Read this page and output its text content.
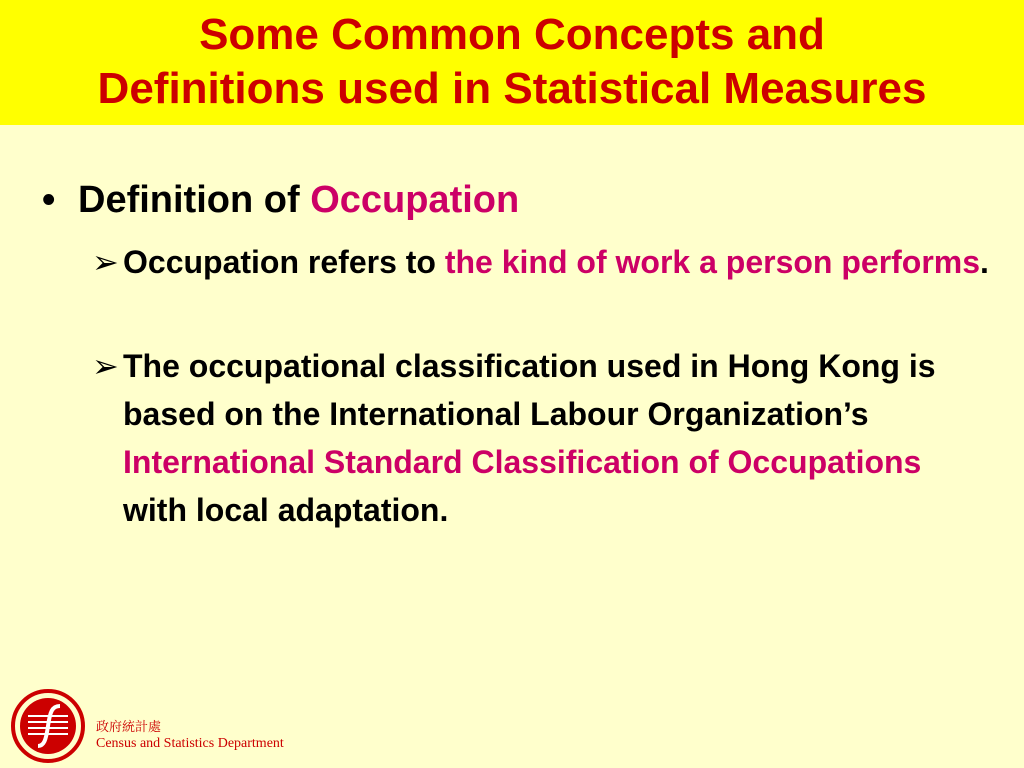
Some Common Concepts and
Definitions used in Statistical Measures
• Definition of Occupation
➢ Occupation refers to the kind of work a person performs.
➢ The occupational classification used in Hong Kong is based on the International Labour Organization’s International Standard Classification of Occupations with local adaptation.
政府統計處
Census and Statistics Department
